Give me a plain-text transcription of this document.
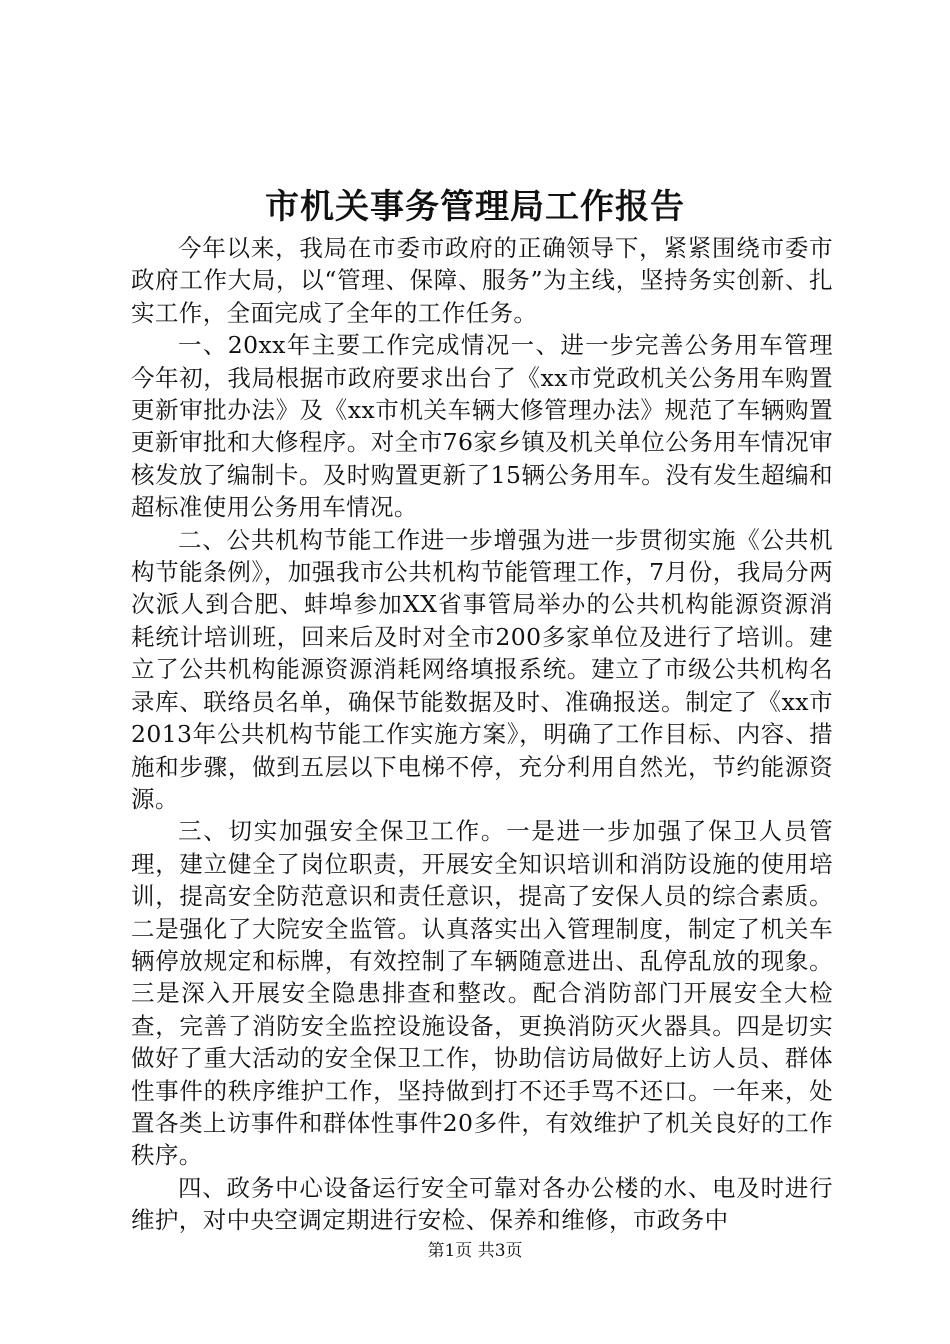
市机关事务管理局工作报告

今年以来，我局在市委市政府的正确领导下，紧紧围绕市委市政府工作大局，以“管理、保障、服务”为主线，坚持务实创新、扎实工作，全面完成了全年的工作任务。

一、20xx年主要工作完成情况一、进一步完善公务用车管理今年初，我局根据市政府要求出台了《xx市党政机关公务用车购置更新审批办法》及《xx市机关车辆大修管理办法》规范了车辆购置更新审批和大修程序。对全市76家乡镇及机关单位公务用车情况审核发放了编制卡。及时购置更新了15辆公务用车。没有发生超编和超标准使用公务用车情况。

二、公共机构节能工作进一步增强为进一步贯彻实施《公共机构节能条例》，加强我市公共机构节能管理工作，7月份，我局分两次派人到合肥、蚌埠参加XX省事管局举办的公共机构能源资源消耗统计培训班，回来后及时对全市200多家单位及进行了培训。建立了公共机构能源资源消耗网络填报系统。建立了市级公共机构名录库、联络员名单，确保节能数据及时、准确报送。制定了《xx市2013年公共机构节能工作实施方案》，明确了工作目标、内容、措施和步骤，做到五层以下电梯不停，充分利用自然光，节约能源资源。

三、切实加强安全保卫工作。一是进一步加强了保卫人员管理，建立健全了岗位职责，开展安全知识培训和消防设施的使用培训，提高安全防范意识和责任意识，提高了安保人员的综合素质。二是强化了大院安全监管。认真落实出入管理制度，制定了机关车辆停放规定和标牌，有效控制了车辆随意进出、乱停乱放的现象。三是深入开展安全隐患排查和整改。配合消防部门开展安全大检查，完善了消防安全监控设施设备，更换消防灭火器具。四是切实做好了重大活动的安全保卫工作，协助信访局做好上访人员、群体性事件的秩序维护工作，坚持做到打不还手骂不还口。一年来，处置各类上访事件和群体性事件20多件，有效维护了机关良好的工作秩序。

四、政务中心设备运行安全可靠对各办公楼的水、电及时进行维护，对中央空调定期进行安检、保养和维修，市政务中

第1页 共3页
